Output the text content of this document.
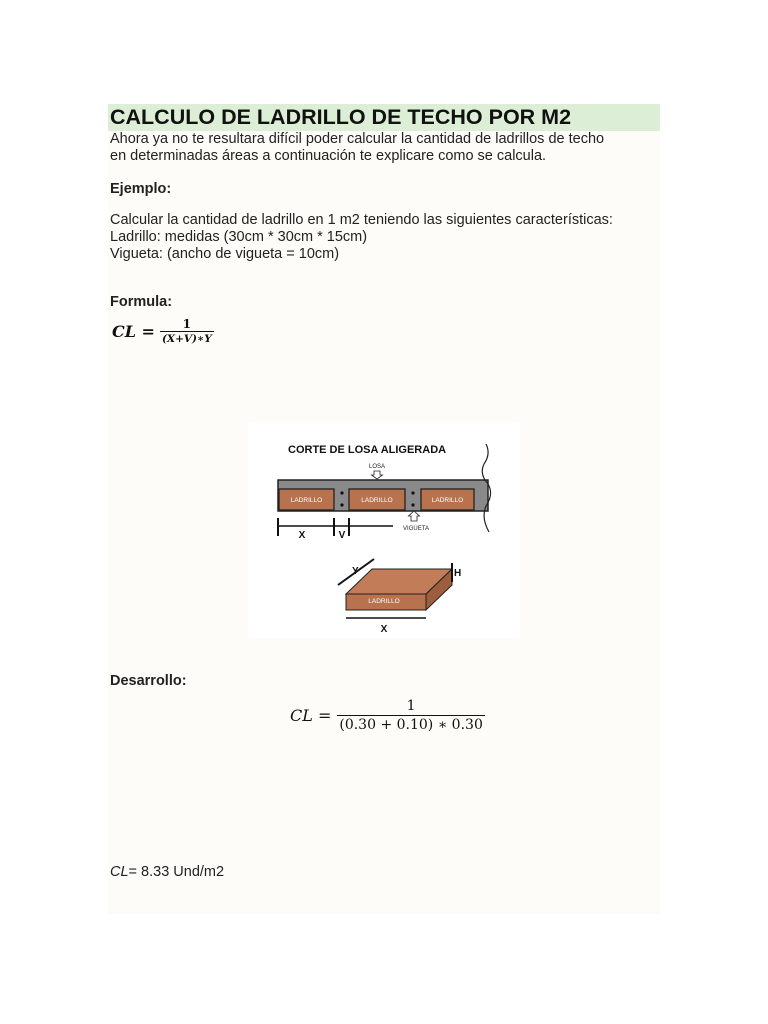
CALCULO DE LADRILLO DE TECHO POR M2
Ahora ya no te resultara difícil poder calcular la cantidad de ladrillos de techo
en determinadas áreas a continuación te explicare como se calcula.
Ejemplo:
Calcular la cantidad de ladrillo en 1 m2 teniendo las siguientes características:
Ladrillo: medidas (30cm * 30cm * 15cm)
Vigueta: (ancho de vigueta = 10cm)
Formula:
CL = $\frac{1}{(X+V)∗Y}$
CORTE DE LOSA ALIGERADA
LADRILLO	LADRILLO	LADRILLO
LOSA
VIGUETA
X	V
LADRILLO
Y	H
X
Desarrollo:
CL = $\frac{1}{(0.30 + 0.10) ∗ 0.30}$
CL= 8.33 Und/m2
